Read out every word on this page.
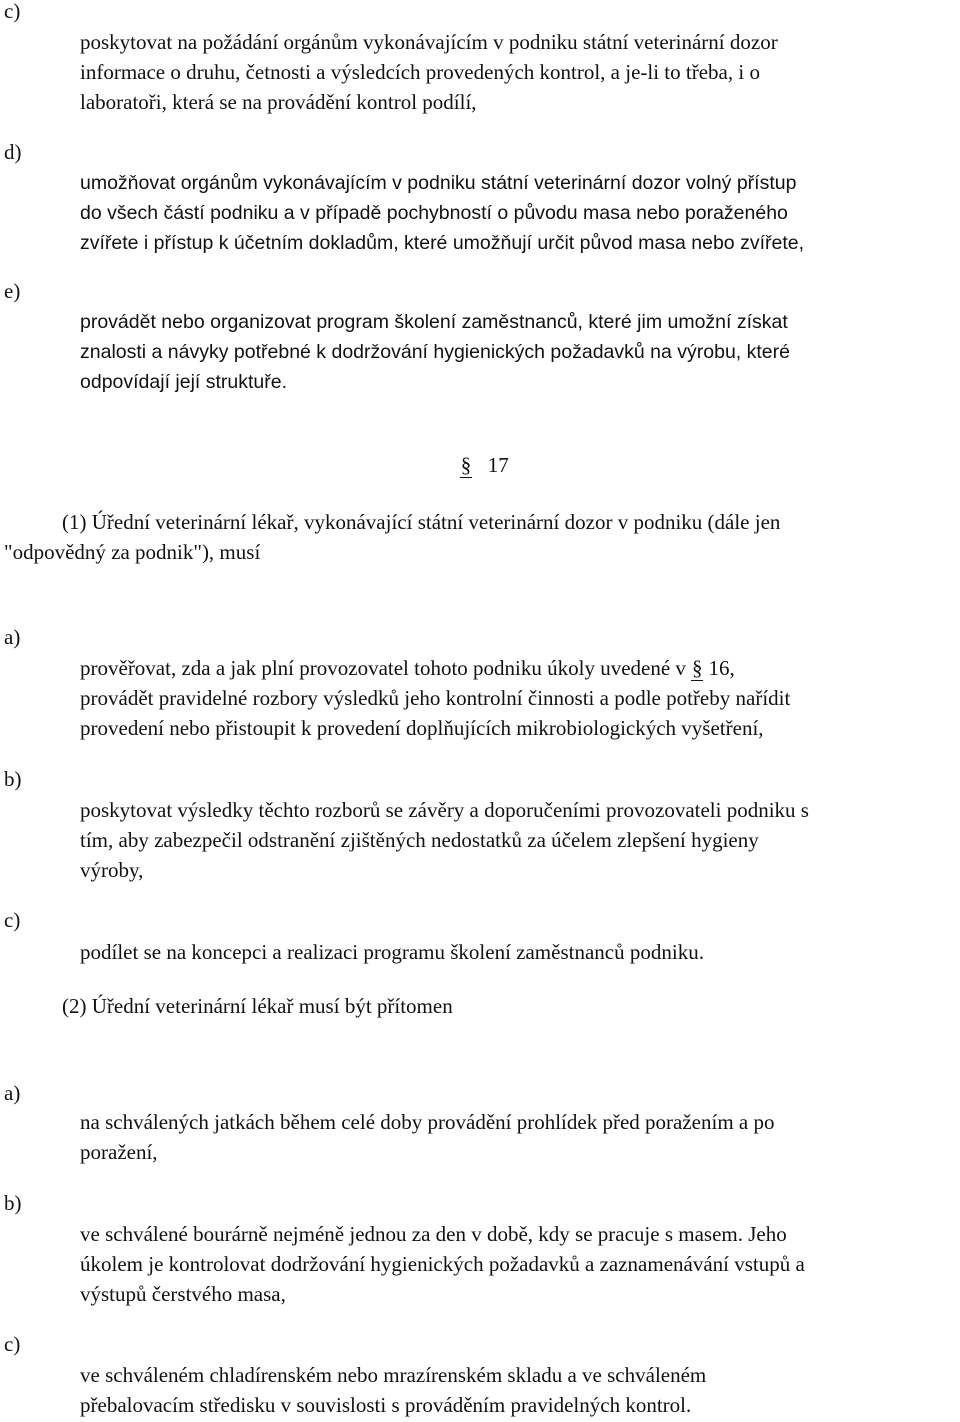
c)
poskytovat na požádání orgánům vykonávajícím v podniku státní veterinární dozor
informace o druhu, četnosti a výsledcích provedených kontrol, a je-li to třeba, i o
laboratoři, která se na provádění kontrol podílí,
d)
umožňovat orgánům vykonávajícím v podniku státní veterinární dozor volný přístup
do všech částí podniku a v případě pochybností o původu masa nebo poraženého
zvířete i přístup k účetním dokladům, které umožňují určit původ masa nebo zvířete,
e)
provádět nebo organizovat program školení zaměstnanců, které jim umožní získat
znalosti a návyky potřebné k dodržování hygienických požadavků na výrobu, které
odpovídají její struktuře.
§ 17
(1) Úřední veterinární lékař, vykonávající státní veterinární dozor v podniku (dále jen
"odpovědný za podnik"), musí
a)
prověřovat, zda a jak plní provozovatel tohoto podniku úkoly uvedené v § 16,
provádět pravidelné rozbory výsledků jeho kontrolní činnosti a podle potřeby nařídit
provedení nebo přistoupit k provedení doplňujících mikrobiologických vyšetření,
b)
poskytovat výsledky těchto rozborů se závěry a doporučeními provozovateli podniku s
tím, aby zabezpečil odstranění zjištěných nedostatků za účelem zlepšení hygieny
výroby,
c)
podílet se na koncepci a realizaci programu školení zaměstnanců podniku.
(2) Úřední veterinární lékař musí být přítomen
a)
na schválených jatkách během celé doby provádění prohlídek před poražením a po
poražení,
b)
ve schválené bourárně nejméně jednou za den v době, kdy se pracuje s masem. Jeho
úkolem je kontrolovat dodržování hygienických požadavků a zaznamenávání vstupů a
výstupů čerstvého masa,
c)
ve schváleném chladírenském nebo mrazírenském skladu a ve schváleném
přebalovacím středisku v souvislosti s prováděním pravidelných kontrol.
